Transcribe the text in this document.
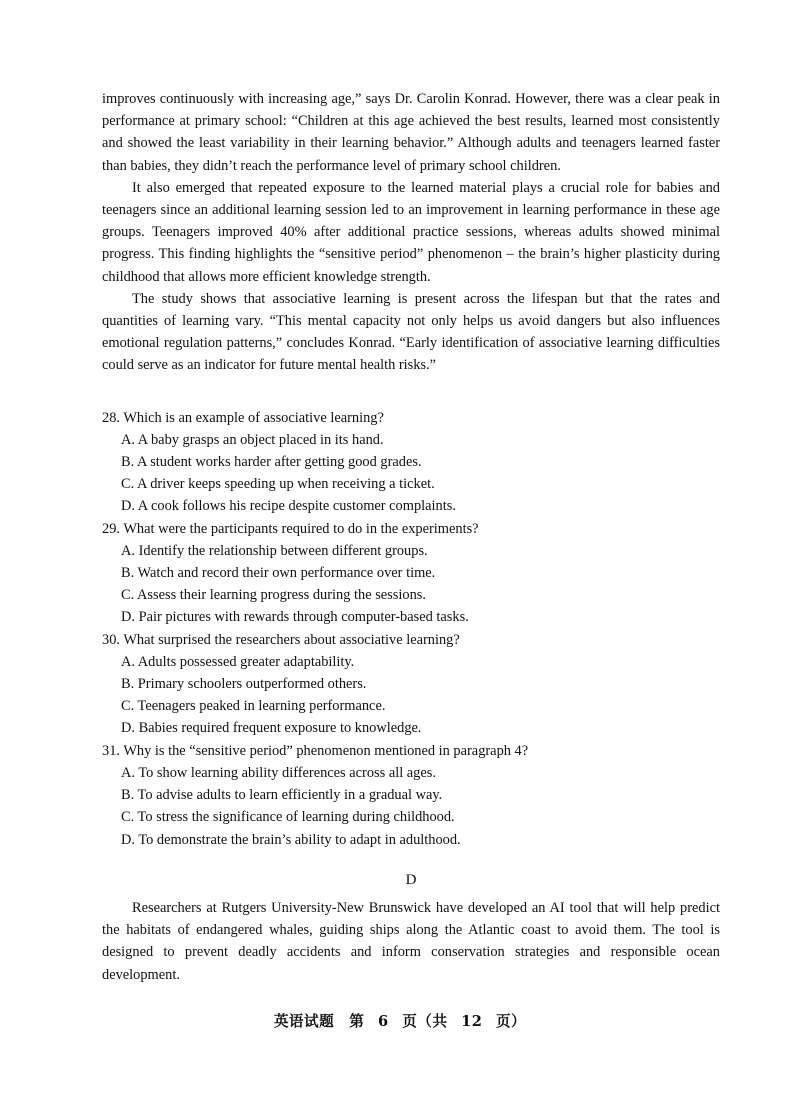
improves continuously with increasing age,” says Dr. Carolin Konrad. However, there was a clear peak in performance at primary school: “Children at this age achieved the best results, learned most consistently and showed the least variability in their learning behavior.” Although adults and teenagers learned faster than babies, they didn’t reach the performance level of primary school children.

It also emerged that repeated exposure to the learned material plays a crucial role for babies and teenagers since an additional learning session led to an improvement in learning performance in these age groups. Teenagers improved 40% after additional practice sessions, whereas adults showed minimal progress. This finding highlights the “sensitive period” phenomenon – the brain’s higher plasticity during childhood that allows more efficient knowledge strength.

The study shows that associative learning is present across the lifespan but that the rates and quantities of learning vary. “This mental capacity not only helps us avoid dangers but also influences emotional regulation patterns,” concludes Konrad. “Early identification of associative learning difficulties could serve as an indicator for future mental health risks.”

28. Which is an example of associative learning?

A. A baby grasps an object placed in its hand.

B. A student works harder after getting good grades.

C. A driver keeps speeding up when receiving a ticket.

D. A cook follows his recipe despite customer complaints.

29. What were the participants required to do in the experiments?

A. Identify the relationship between different groups.

B. Watch and record their own performance over time.

C. Assess their learning progress during the sessions.

D. Pair pictures with rewards through computer-based tasks.

30. What surprised the researchers about associative learning?

A. Adults possessed greater adaptability.

B. Primary schoolers outperformed others.

C. Teenagers peaked in learning performance.

D. Babies required frequent exposure to knowledge.

31. Why is the “sensitive period” phenomenon mentioned in paragraph 4?

A. To show learning ability differences across all ages.

B. To advise adults to learn efficiently in a gradual way.

C. To stress the significance of learning during childhood.

D. To demonstrate the brain’s ability to adapt in adulthood.

D

Researchers at Rutgers University-New Brunswick have developed an AI tool that will help predict the habitats of endangered whales, guiding ships along the Atlantic coast to avoid them. The tool is designed to prevent deadly accidents and inform conservation strategies and responsible ocean development.

英语试题　第 6 页（共 12 页）
